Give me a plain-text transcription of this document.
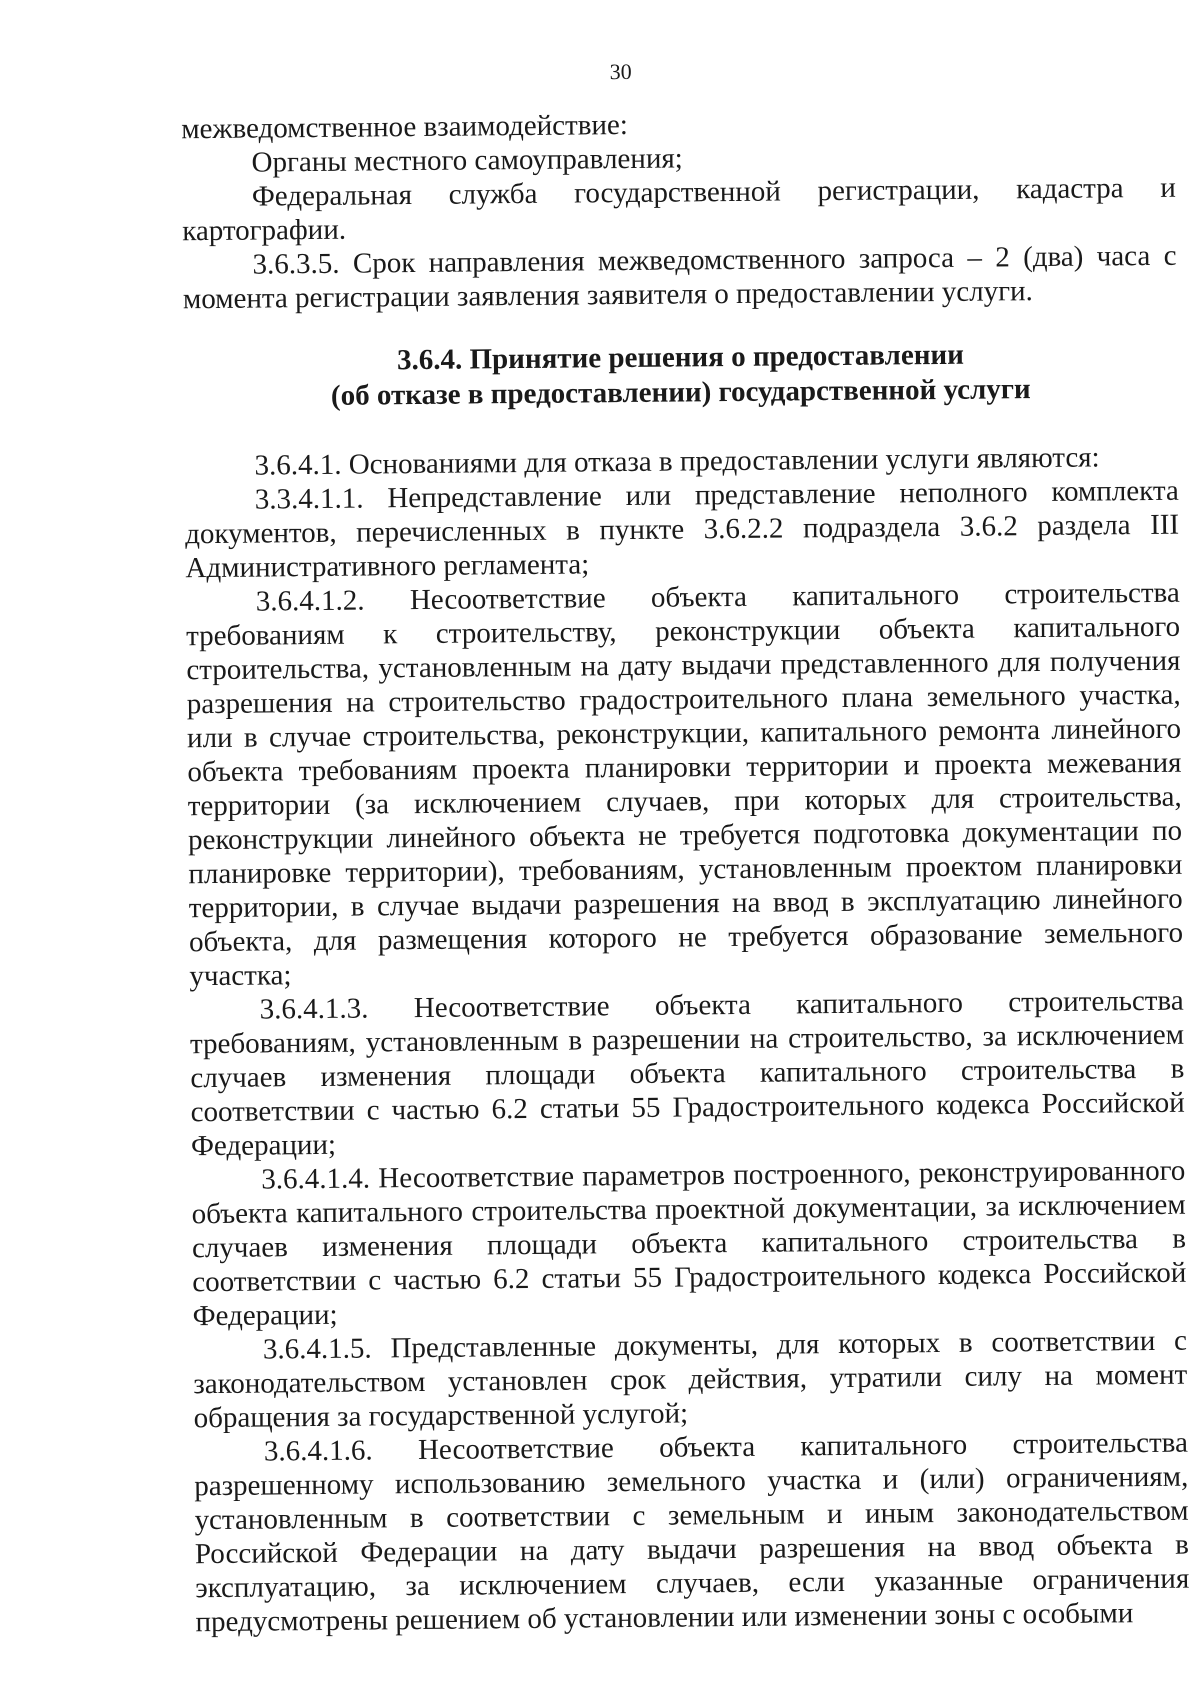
30

межведомственное взаимодействие:

Органы местного самоуправления;

Федеральная служба государственной регистрации, кадастра и картографии.

3.6.3.5. Срок направления межведомственного запроса – 2 (два) часа с момента регистрации заявления заявителя о предоставлении услуги.

3.6.4. Принятие решения о предоставлении
(об отказе в предоставлении) государственной услуги

3.6.4.1. Основаниями для отказа в предоставлении услуги являются:

3.3.4.1.1. Непредставление или представление неполного комплекта документов, перечисленных в пункте 3.6.2.2 подраздела 3.6.2 раздела III Административного регламента;

3.6.4.1.2. Несоответствие объекта капитального строительства требованиям к строительству, реконструкции объекта капитального строительства, установленным на дату выдачи представленного для получения разрешения на строительство градостроительного плана земельного участка, или в случае строительства, реконструкции, капитального ремонта линейного объекта требованиям проекта планировки территории и проекта межевания территории (за исключением случаев, при которых для строительства, реконструкции линейного объекта не требуется подготовка документации по планировке территории), требованиям, установленным проектом планировки территории, в случае выдачи разрешения на ввод в эксплуатацию линейного объекта, для размещения которого не требуется образование земельного участка;

3.6.4.1.3. Несоответствие объекта капитального строительства требованиям, установленным в разрешении на строительство, за исключением случаев изменения площади объекта капитального строительства в соответствии с частью 6.2 статьи 55 Градостроительного кодекса Российской Федерации;

3.6.4.1.4. Несоответствие параметров построенного, реконструированного объекта капитального строительства проектной документации, за исключением случаев изменения площади объекта капитального строительства в соответствии с частью 6.2 статьи 55 Градостроительного кодекса Российской Федерации;

3.6.4.1.5. Представленные документы, для которых в соответствии с законодательством установлен срок действия, утратили силу на момент обращения за государственной услугой;

3.6.4.1.6. Несоответствие объекта капитального строительства разрешенному использованию земельного участка и (или) ограничениям, установленным в соответствии с земельным и иным законодательством Российской Федерации на дату выдачи разрешения на ввод объекта в эксплуатацию, за исключением случаев, если указанные ограничения предусмотрены решением об установлении или изменении зоны с особыми
